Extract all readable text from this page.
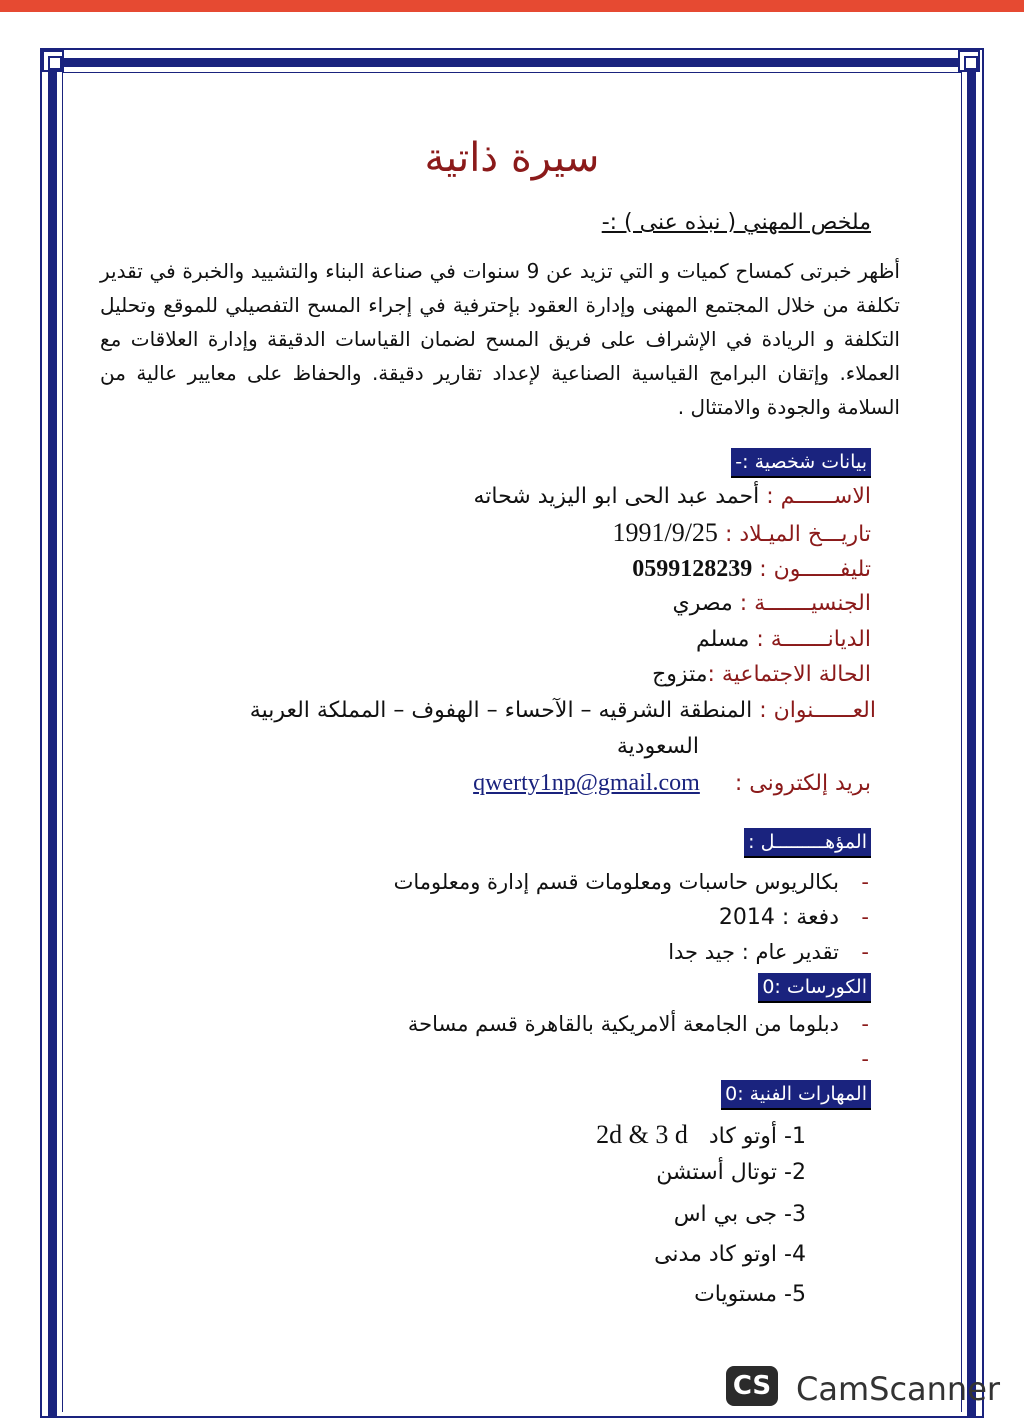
سيرة ذاتية
ملخص المهني ( نبذه عنى ) :-
أظهر خبرتى كمساح كميات و التي تزيد عن 9 سنوات في صناعة البناء والتشييد والخبرة في تقدير تكلفة من خلال المجتمع المهنى وإدارة العقود بإحترفية في إجراء المسح التفصيلي للموقع وتحليل التكلفة و الريادة في الإشراف على فريق المسح لضمان القياسات الدقيقة وإدارة العلاقات مع العملاء. وإتقان البرامج القياسية الصناعية لإعداد تقارير دقيقة. والحفاظ على معايير عالية من السلامة والجودة والامتثال .
بيانات شخصية :-
الاســــــم : أحمد عبد الحى ابو اليزيد شحاته
تاريـــخ الميـلاد : 1991/9/25
تليفــــــون : 0599128239
الجنسيـــــــة : مصري
الديانـــــــة : مسلم
الحالة الاجتماعية :متزوج
العــــــنوان : المنطقة الشرقيه – الآحساء – الهفوف – المملكة العربية
السعودية
بريد إلكترونى :     qwerty1np@gmail.com
المؤهـــــــــل :
-بكالريوس حاسبات ومعلومات قسم إدارة ومعلومات
-دفعة : 2014
-تقدير عام : جيد جدا
الكورسات :0
-دبلوما من الجامعة ألامريكية بالقاهرة قسم مساحة
-
المهارات الفنية :0
1- أوتو كاد   2d & 3 d
2- توتال أستشن
3- جى بي اس
4- اوتو كاد مدنى
5- مستويات
CS CamScanner
